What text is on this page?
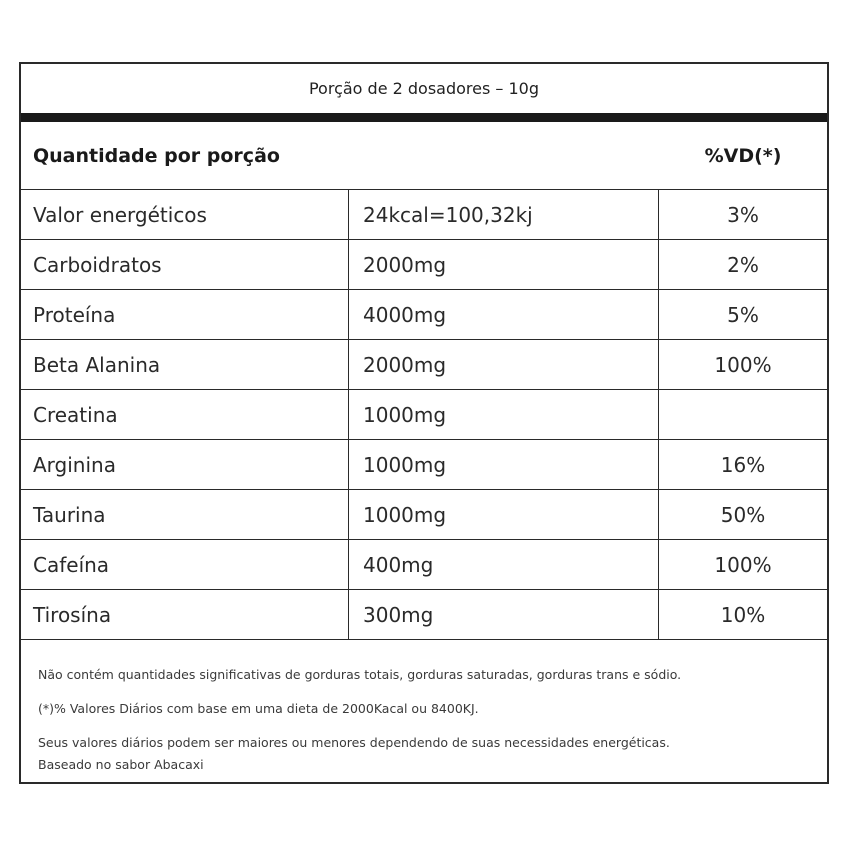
Porção de 2 dosadores – 10g
Quantidade por porção	%VD(*)
Valor energéticos	24kcal=100,32kj	3%
Carboidratos	2000mg	2%
Proteína	4000mg	5%
Beta Alanina	2000mg	100%
Creatina	1000mg
Arginina	1000mg	16%
Taurina	1000mg	50%
Cafeína	400mg	100%
Tirosína	300mg	10%

Não contém quantidades significativas de gorduras totais, gorduras saturadas, gorduras trans e sódio.

(*)% Valores Diários com base em uma dieta de 2000Kacal ou 8400KJ.

Seus valores diários podem ser maiores ou menores dependendo de suas necessidades energéticas.

Baseado no sabor Abacaxi
